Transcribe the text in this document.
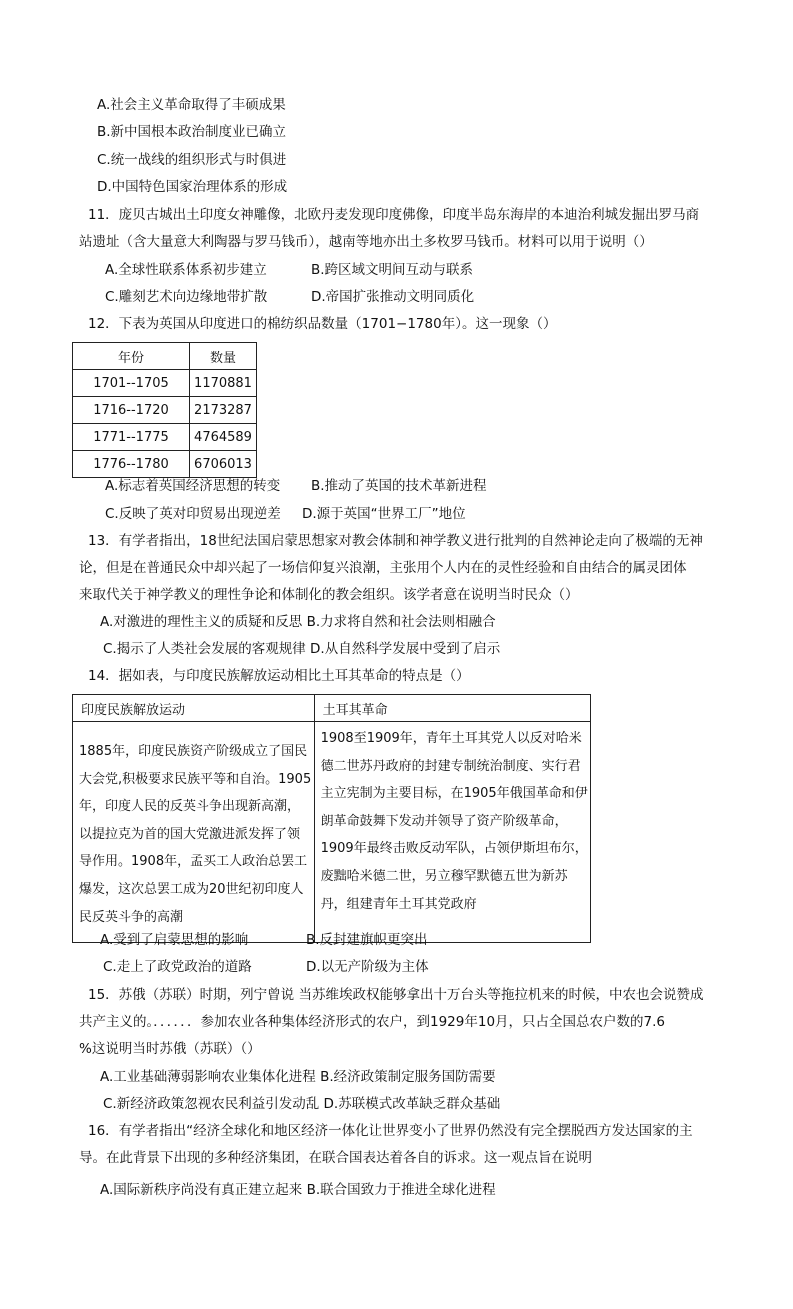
A.社会主义革命取得了丰硕成果
B.新中国根本政治制度业已确立
C.统一战线的组织形式与时俱进
D.中国特色国家治理体系的形成
11．庞贝古城出土印度女神雕像，北欧丹麦发现印度佛像，印度半岛东海岸的本迪治利城发掘出罗马商
站遗址（含大量意大利陶器与罗马钱币），越南等地亦出土多枚罗马钱币。材料可以用于说明（）
A.全球性联系体系初步建立	B.跨区域文明间互动与联系
C.雕刻艺术向边缘地带扩散	D.帝国扩张推动文明同质化
12．下表为英国从印度进口的棉纺织品数量（1701−1780年）。这一现象（）
年份	数量
1701--1705	1170881
1716--1720	2173287
1771--1775	4764589
1776--1780	6706013
A.标志着英国经济思想的转变 B.推动了英国的技术革新进程
C.反映了英对印贸易出现逆差 D.源于英国“世界工厂”地位
13．有学者指出，18世纪法国启蒙思想家对教会体制和神学教义进行批判的自然神论走向了极端的无神
论，但是在普通民众中却兴起了一场信仰复兴浪潮，主张用个人内在的灵性经验和自由结合的属灵团体
来取代关于神学教义的理性争论和体制化的教会组织。该学者意在说明当时民众（）
A.对激进的理性主义的质疑和反思 B.力求将自然和社会法则相融合
C.揭示了人类社会发展的客观规律 D.从自然科学发展中受到了启示
14．据如表，与印度民族解放运动相比土耳其革命的特点是（）
印度民族解放运动	土耳其革命
1885年，印度民族资产阶级成立了国民大会党,积极要求民族平等和自治。1905年，印度人民的反英斗争出现新高潮，以提拉克为首的国大党激进派发挥了领导作用。1908年，孟买工人政治总罢工爆发，这次总罢工成为20世纪初印度人民反英斗争的高潮	1908至1909年，青年土耳其党人以反对哈米德二世苏丹政府的封建专制统治制度、实行君主立宪制为主要目标，在1905年俄国革命和伊朗革命鼓舞下发动并领导了资产阶级革命，1909年最终击败反动军队，占领伊斯坦布尔，废黜哈米德二世，另立穆罕默德五世为新苏丹，组建青年土耳其党政府
A.受到了启蒙思想的影响	B.反封建旗帜更突出
C.走上了政党政治的道路	D.以无产阶级为主体
15．苏俄（苏联）时期，列宁曾说 当苏维埃政权能够拿出十万台头等拖拉机来的时候，中农也会说赞成
共产主义的。．．．．．．参加农业各种集体经济形式的农户，到1929年10月，只占全国总农户数的7.6
%这说明当时苏俄（苏联）（）
A.工业基础薄弱影响农业集体化进程 B.经济政策制定服务国防需要
C.新经济政策忽视农民利益引发动乱 D.苏联模式改革缺乏群众基础
16．有学者指出“经济全球化和地区经济一体化让世界变小了世界仍然没有完全摆脱西方发达国家的主
导。在此背景下出现的多种经济集团，在联合国表达着各自的诉求。这一观点旨在说明
A.国际新秩序尚没有真正建立起来 B.联合国致力于推进全球化进程
